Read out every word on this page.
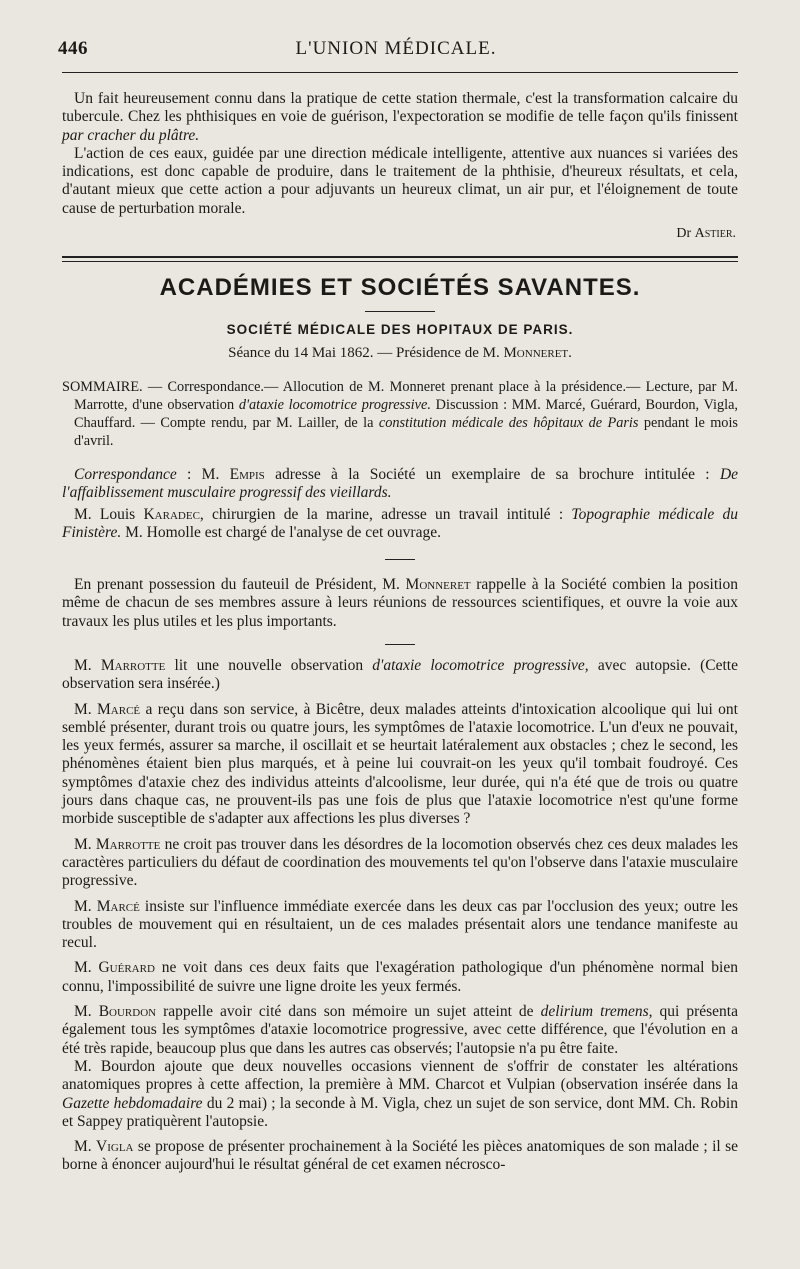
446	L'UNION MÉDICALE.

Un fait heureusement connu dans la pratique de cette station thermale, c'est la transformation calcaire du tubercule. Chez les phthisiques en voie de guérison, l'expectoration se modifie de telle façon qu'ils finissent par cracher du plâtre.

L'action de ces eaux, guidée par une direction médicale intelligente, attentive aux nuances si variées des indications, est donc capable de produire, dans le traitement de la phthisie, d'heureux résultats, et cela, d'autant mieux que cette action a pour adjuvants un heureux climat, un air pur, et l'éloignement de toute cause de perturbation morale.

Dr Astier.
ACADÉMIES ET SOCIÉTÉS SAVANTES.
SOCIÉTÉ MÉDICALE DES HOPITAUX DE PARIS.
Séance du 14 Mai 1862. — Présidence de M. Monneret.

SOMMAIRE. — Correspondance.— Allocution de M. Monneret prenant place à la présidence.— Lecture, par M. Marrotte, d'une observation d'ataxie locomotrice progressive. Discussion : MM. Marcé, Guérard, Bourdon, Vigla, Chauffard. — Compte rendu, par M. Lailler, de la constitution médicale des hôpitaux de Paris pendant le mois d'avril.

Correspondance : M. Empis adresse à la Société un exemplaire de sa brochure intitulée : De l'affaiblissement musculaire progressif des vieillards.

M. Louis Karadec, chirurgien de la marine, adresse un travail intitulé : Topographie médicale du Finistère. M. Homolle est chargé de l'analyse de cet ouvrage.

En prenant possession du fauteuil de Président, M. Monneret rappelle à la Société combien la position même de chacun de ses membres assure à leurs réunions de ressources scientifiques, et ouvre la voie aux travaux les plus utiles et les plus importants.

M. Marrotte lit une nouvelle observation d'ataxie locomotrice progressive, avec autopsie. (Cette observation sera insérée.)

M. Marcé a reçu dans son service, à Bicêtre, deux malades atteints d'intoxication alcoolique qui lui ont semblé présenter, durant trois ou quatre jours, les symptômes de l'ataxie locomotrice. L'un d'eux ne pouvait, les yeux fermés, assurer sa marche, il oscillait et se heurtait latéralement aux obstacles ; chez le second, les phénomènes étaient bien plus marqués, et à peine lui couvrait-on les yeux qu'il tombait foudroyé. Ces symptômes d'ataxie chez des individus atteints d'alcoolisme, leur durée, qui n'a été que de trois ou quatre jours dans chaque cas, ne prouvent-ils pas une fois de plus que l'ataxie locomotrice n'est qu'une forme morbide susceptible de s'adapter aux affections les plus diverses ?

M. Marrotte ne croit pas trouver dans les désordres de la locomotion observés chez ces deux malades les caractères particuliers du défaut de coordination des mouvements tel qu'on l'observe dans l'ataxie musculaire progressive.

M. Marcé insiste sur l'influence immédiate exercée dans les deux cas par l'occlusion des yeux; outre les troubles de mouvement qui en résultaient, un de ces malades présentait alors une tendance manifeste au recul.

M. Guérard ne voit dans ces deux faits que l'exagération pathologique d'un phénomène normal bien connu, l'impossibilité de suivre une ligne droite les yeux fermés.

M. Bourdon rappelle avoir cité dans son mémoire un sujet atteint de delirium tremens, qui présenta également tous les symptômes d'ataxie locomotrice progressive, avec cette différence, que l'évolution en a été très rapide, beaucoup plus que dans les autres cas observés; l'autopsie n'a pu être faite.

M. Bourdon ajoute que deux nouvelles occasions viennent de s'offrir de constater les altérations anatomiques propres à cette affection, la première à MM. Charcot et Vulpian (observation insérée dans la Gazette hebdomadaire du 2 mai) ; la seconde à M. Vigla, chez un sujet de son service, dont MM. Ch. Robin et Sappey pratiquèrent l'autopsie.

M. Vigla se propose de présenter prochainement à la Société les pièces anatomiques de son malade ; il se borne à énoncer aujourd'hui le résultat général de cet examen nécrosco-
